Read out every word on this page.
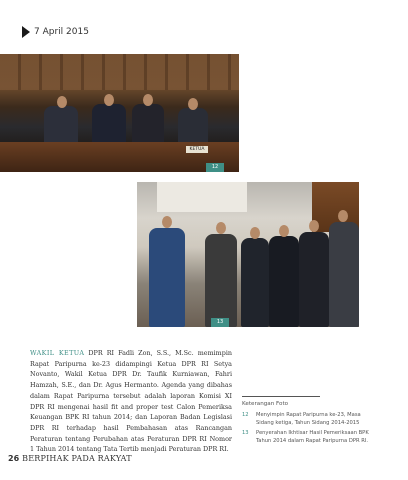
7 April 2015
KETUA
12
13

WAKIL KETUA DPR RI Fadli Zon, S.S., M.Sc. memimpin Rapat Paripurna ke-23 didampingi Ketua DPR RI Setya Novanto, Wakil Ketua DPR Dr. Taufik Kurniawan, Fahri Hamzah, S.E., dan Dr. Agus Hermanto. Agenda yang dibahas dalam Rapat Paripurna tersebut adalah laporan Komisi XI DPR RI mengenai hasil fit and proper test Calon Pemeriksa Keuangan BPK RI tahun 2014; dan Laporan Badan Legislasi DPR RI terhadap hasil Pembahasan atas Rancangan Peraturan tentang Perubahan atas Peraturan DPR RI Nomor 1 Tahun 2014 tentang Tata Tertib menjadi Peraturan DPR RI.

Keterangan Foto

12	Menyimpin Rapat Paripurna ke-23, Masa Sidang ketiga, Tahun Sidang 2014-2015
13	Penyerahan Ikhtisar Hasil Pemeriksaan BPK Tahun 2014 dalam Rapat Paripurna DPR RI.
26 BERPIHAK PADA RAKYAT
